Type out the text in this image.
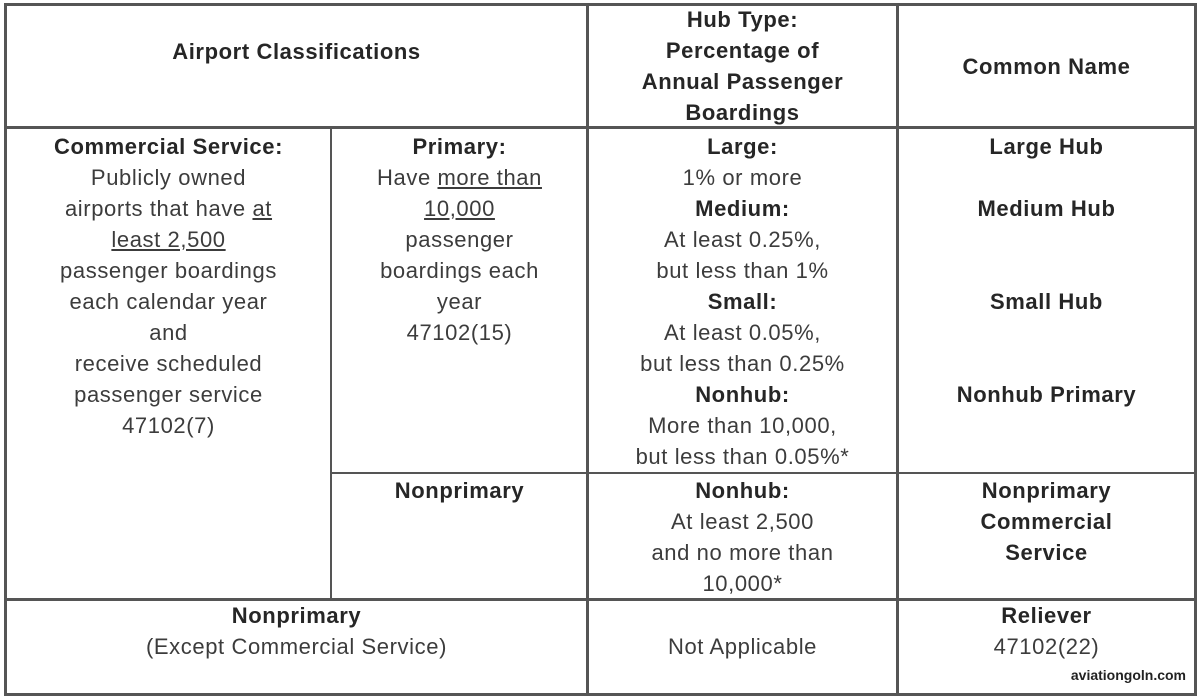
Airport Classifications
Hub Type:
Percentage of
Annual Passenger
Boardings
Common Name
Commercial Service:
Publicly owned
airports that have at
least 2,500
passenger boardings
each calendar year
and
receive scheduled
passenger service
47102(7)
Primary:
Have more than
10,000
passenger
boardings each
year
47102(15)
Large:
1% or more
Medium:
At least 0.25%,
but less than 1%
Small:
At least 0.05%,
but less than 0.25%
Nonhub:
More than 10,000,
but less than 0.05%*
Large Hub
Medium Hub
Small Hub
Nonhub Primary
Nonprimary	Nonhub:
At least 2,500
and no more than
10,000*
Nonprimary
Commercial
Service
Nonprimary
(Except Commercial Service)	Not Applicable
Reliever
47102(22)
aviationgoln.com
